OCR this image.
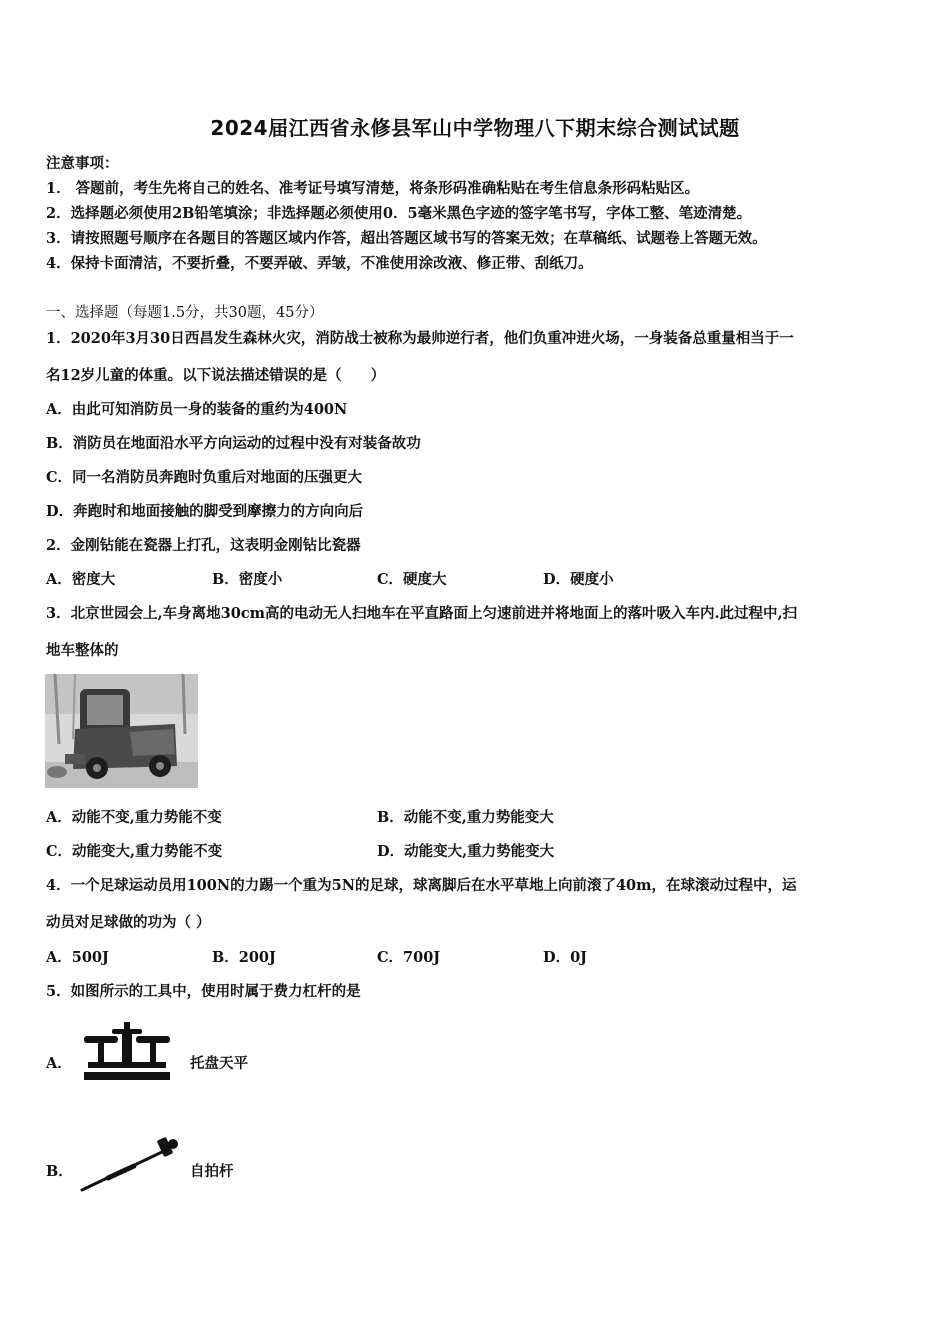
2024届江西省永修县军山中学物理八下期末综合测试试题
注意事项：
1． 答题前，考生先将自己的姓名、准考证号填写清楚，将条形码准确粘贴在考生信息条形码粘贴区。
2．选择题必须使用2B铅笔填涂；非选择题必须使用0．5毫米黑色字迹的签字笔书写，字体工整、笔迹清楚。
3．请按照题号顺序在各题目的答题区域内作答，超出答题区域书写的答案无效；在草稿纸、试题卷上答题无效。
4．保持卡面清洁，不要折叠，不要弄破、弄皱，不准使用涂改液、修正带、刮纸刀。
一、选择题（每题1.5分，共30题，45分）
1．2020年3月30日西昌发生森林火灾，消防战士被称为最帅逆行者，他们负重冲进火场，一身装备总重量相当于一
名12岁儿童的体重。以下说法描述错误的是（　　）
A．由此可知消防员一身的装备的重约为400N
B．消防员在地面沿水平方向运动的过程中没有对装备故功
C．同一名消防员奔跑时负重后对地面的压强更大
D．奔跑时和地面接触的脚受到摩擦力的方向向后
2．金刚钻能在瓷器上打孔，这表明金刚钻比瓷器
A．密度大	B．密度小	C．硬度大	D．硬度小
3．北京世园会上,车身离地30cm高的电动无人扫地车在平直路面上匀速前进并将地面上的落叶吸入车内.此过程中,扫
地车整体的
A．动能不变,重力势能不变	B．动能不变,重力势能变大
C．动能变大,重力势能不变	D．动能变大,重力势能变大
4．一个足球运动员用100N的力踢一个重为5N的足球，球离脚后在水平草地上向前滚了40m，在球滚动过程中，运
动员对足球做的功为（ ）
A．500J	B．200J	C．700J	D．0J
5．如图所示的工具中，使用时属于费力杠杆的是
A．	托盘天平
B．	自拍杆
